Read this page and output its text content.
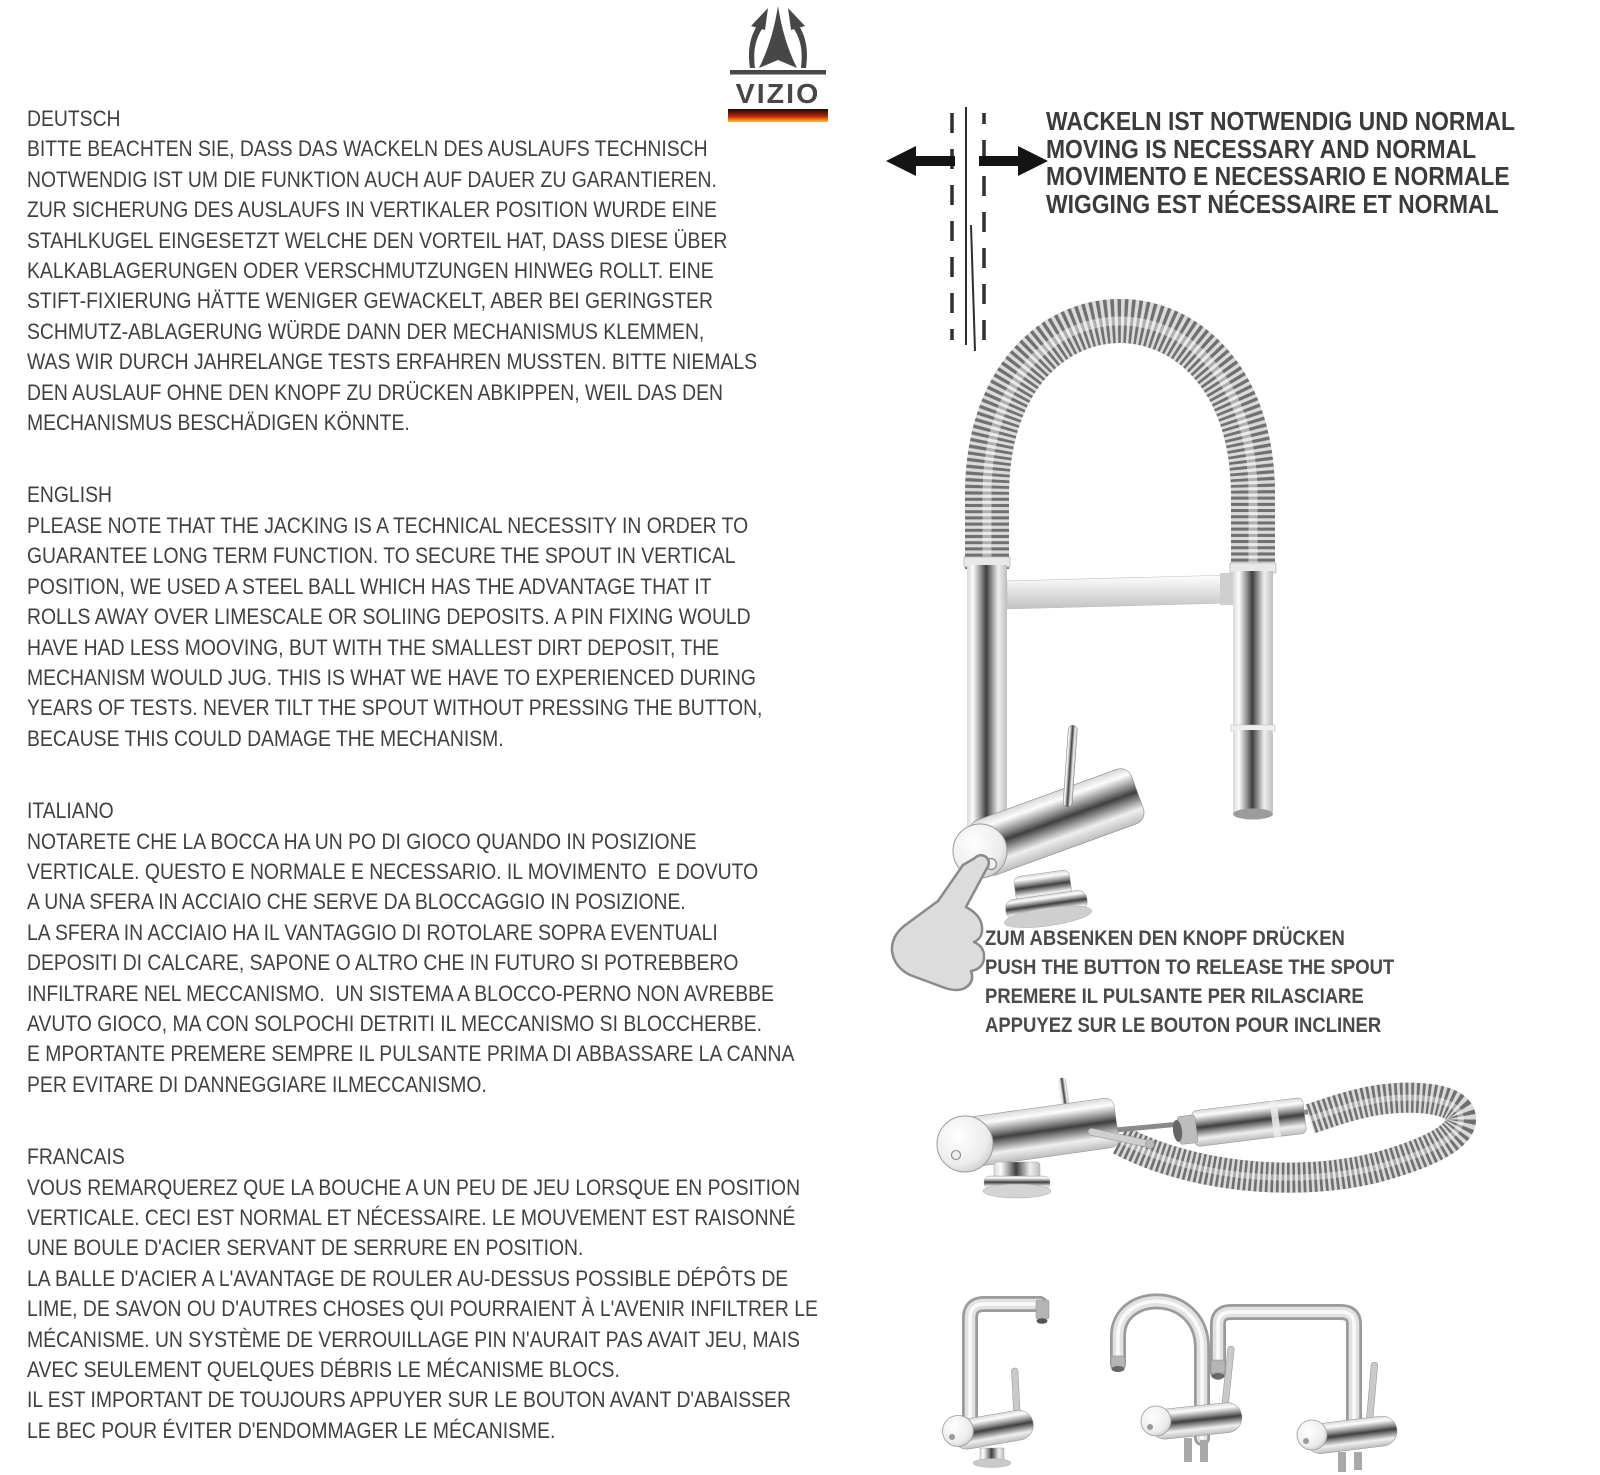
VIZIO
DEUTSCH
BITTE BEACHTEN SIE, DASS DAS WACKELN DES AUSLAUFS TECHNISCH
NOTWENDIG IST UM DIE FUNKTION AUCH AUF DAUER ZU GARANTIEREN.
ZUR SICHERUNG DES AUSLAUFS IN VERTIKALER POSITION WURDE EINE
STAHLKUGEL EINGESETZT WELCHE DEN VORTEIL HAT, DASS DIESE ÜBER
KALKABLAGERUNGEN ODER VERSCHMUTZUNGEN HINWEG ROLLT. EINE
STIFT-FIXIERUNG HÄTTE WENIGER GEWACKELT, ABER BEI GERINGSTER
SCHMUTZ-ABLAGERUNG WÜRDE DANN DER MECHANISMUS KLEMMEN,
WAS WIR DURCH JAHRELANGE TESTS ERFAHREN MUSSTEN. BITTE NIEMALS
DEN AUSLAUF OHNE DEN KNOPF ZU DRÜCKEN ABKIPPEN, WEIL DAS DEN
MECHANISMUS BESCHÄDIGEN KÖNNTE.
ENGLISH
PLEASE NOTE THAT THE JACKING IS A TECHNICAL NECESSITY IN ORDER TO
GUARANTEE LONG TERM FUNCTION. TO SECURE THE SPOUT IN VERTICAL
POSITION, WE USED A STEEL BALL WHICH HAS THE ADVANTAGE THAT IT
ROLLS AWAY OVER LIMESCALE OR SOLIING DEPOSITS. A PIN FIXING WOULD
HAVE HAD LESS MOOVING, BUT WITH THE SMALLEST DIRT DEPOSIT, THE
MECHANISM WOULD JUG. THIS IS WHAT WE HAVE TO EXPERIENCED DURING
YEARS OF TESTS. NEVER TILT THE SPOUT WITHOUT PRESSING THE BUTTON,
BECAUSE THIS COULD DAMAGE THE MECHANISM.
ITALIANO
NOTARETE CHE LA BOCCA HA UN PO DI GIOCO QUANDO IN POSIZIONE
VERTICALE. QUESTO E NORMALE E NECESSARIO. IL MOVIMENTO  E DOVUTO
A UNA SFERA IN ACCIAIO CHE SERVE DA BLOCCAGGIO IN POSIZIONE.
LA SFERA IN ACCIAIO HA IL VANTAGGIO DI ROTOLARE SOPRA EVENTUALI
DEPOSITI DI CALCARE, SAPONE O ALTRO CHE IN FUTURO SI POTREBBERO
INFILTRARE NEL MECCANISMO.  UN SISTEMA A BLOCCO-PERNO NON AVREBBE
AVUTO GIOCO, MA CON SOLPOCHI DETRITI IL MECCANISMO SI BLOCCHERBE.
E MPORTANTE PREMERE SEMPRE IL PULSANTE PRIMA DI ABBASSARE LA CANNA
PER EVITARE DI DANNEGGIARE ILMECCANISMO.
FRANCAIS
VOUS REMARQUEREZ QUE LA BOUCHE A UN PEU DE JEU LORSQUE EN POSITION
VERTICALE. CECI EST NORMAL ET NÉCESSAIRE. LE MOUVEMENT EST RAISONNÉ
UNE BOULE D'ACIER SERVANT DE SERRURE EN POSITION.
LA BALLE D'ACIER A L'AVANTAGE DE ROULER AU-DESSUS POSSIBLE DÉPÔTS DE
LIME, DE SAVON OU D'AUTRES CHOSES QUI POURRAIENT À L'AVENIR INFILTRER LE
MÉCANISME. UN SYSTÈME DE VERROUILLAGE PIN N'AURAIT PAS AVAIT JEU, MAIS
AVEC SEULEMENT QUELQUES DÉBRIS LE MÉCANISME BLOCS.
IL EST IMPORTANT DE TOUJOURS APPUYER SUR LE BOUTON AVANT D'ABAISSER
LE BEC POUR ÉVITER D'ENDOMMAGER LE MÉCANISME.
WACKELN IST NOTWENDIG UND NORMAL
MOVING IS NECESSARY AND NORMAL
MOVIMENTO E NECESSARIO E NORMALE
WIGGING EST NÉCESSAIRE ET NORMAL
ZUM ABSENKEN DEN KNOPF DRÜCKEN
PUSH THE BUTTON TO RELEASE THE SPOUT
PREMERE IL PULSANTE PER RILASCIARE
APPUYEZ SUR LE BOUTON POUR INCLINER
